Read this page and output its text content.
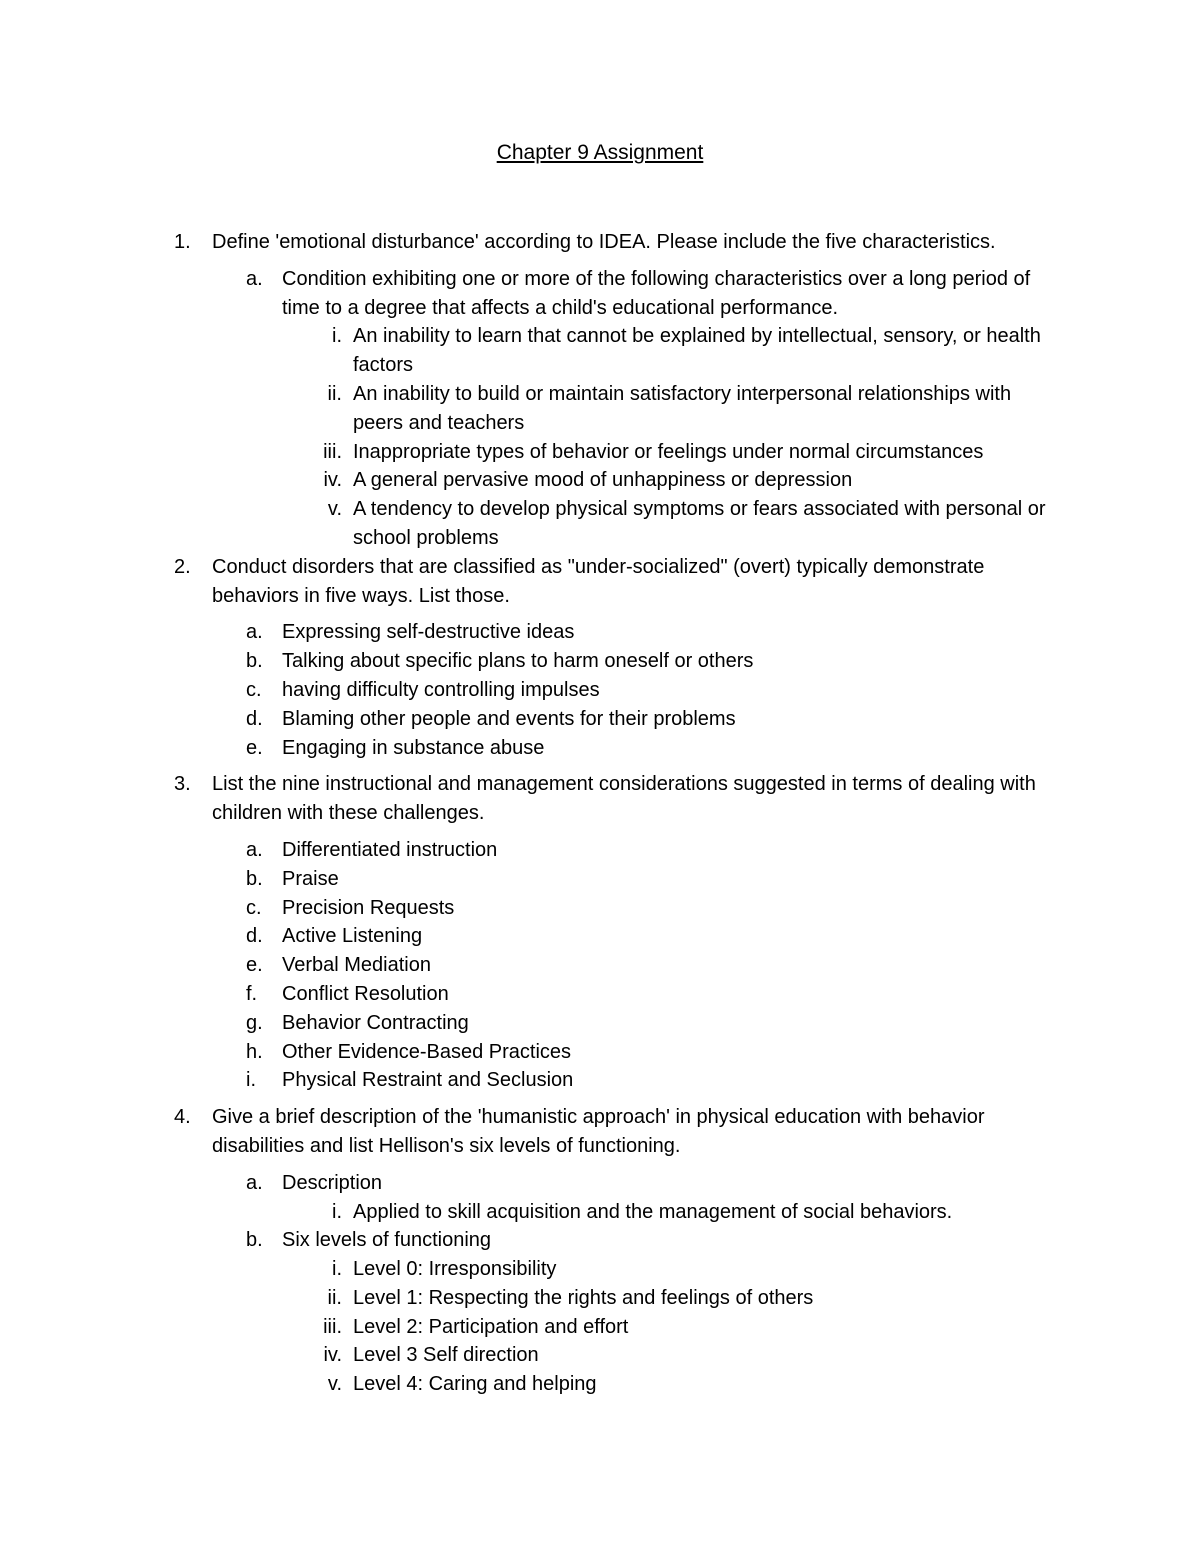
Chapter 9 Assignment
1.	Define 'emotional disturbance' according to IDEA. Please include the five characteristics.
a. Condition exhibiting one or more of the following characteristics over a long period of time to a degree that affects a child's educational performance.
i. An inability to learn that cannot be explained by intellectual, sensory, or health factors
ii. An inability to build or maintain satisfactory interpersonal relationships with peers and teachers
iii. Inappropriate types of behavior or feelings under normal circumstances
iv. A general pervasive mood of unhappiness or depression
v. A tendency to develop physical symptoms or fears associated with personal or school problems
2.	Conduct disorders that are classified as "under-socialized" (overt) typically demonstrate behaviors in five ways. List those.
a. Expressing self-destructive ideas
b. Talking about specific plans to harm oneself or others
c.	having difficulty controlling impulses
d. Blaming other people and events for their problems
e. Engaging in substance abuse
3.	List the nine instructional and management considerations suggested in terms of dealing with children with these challenges.
a. Differentiated instruction
b. Praise
c.	Precision Requests
d. Active Listening
e. Verbal Mediation
f.	Conflict Resolution
g. Behavior Contracting
h. Other Evidence-Based Practices
i.	Physical Restraint and Seclusion
4.	Give a brief description of the 'humanistic approach' in physical education with behavior disabilities and list Hellison's six levels of functioning.
a. Description
i. Applied to skill acquisition and the management of social behaviors.
b. Six levels of functioning
i. Level 0: Irresponsibility
ii. Level 1: Respecting the rights and feelings of others
iii. Level 2: Participation and effort
iv. Level 3 Self direction
v. Level 4: Caring and helping
